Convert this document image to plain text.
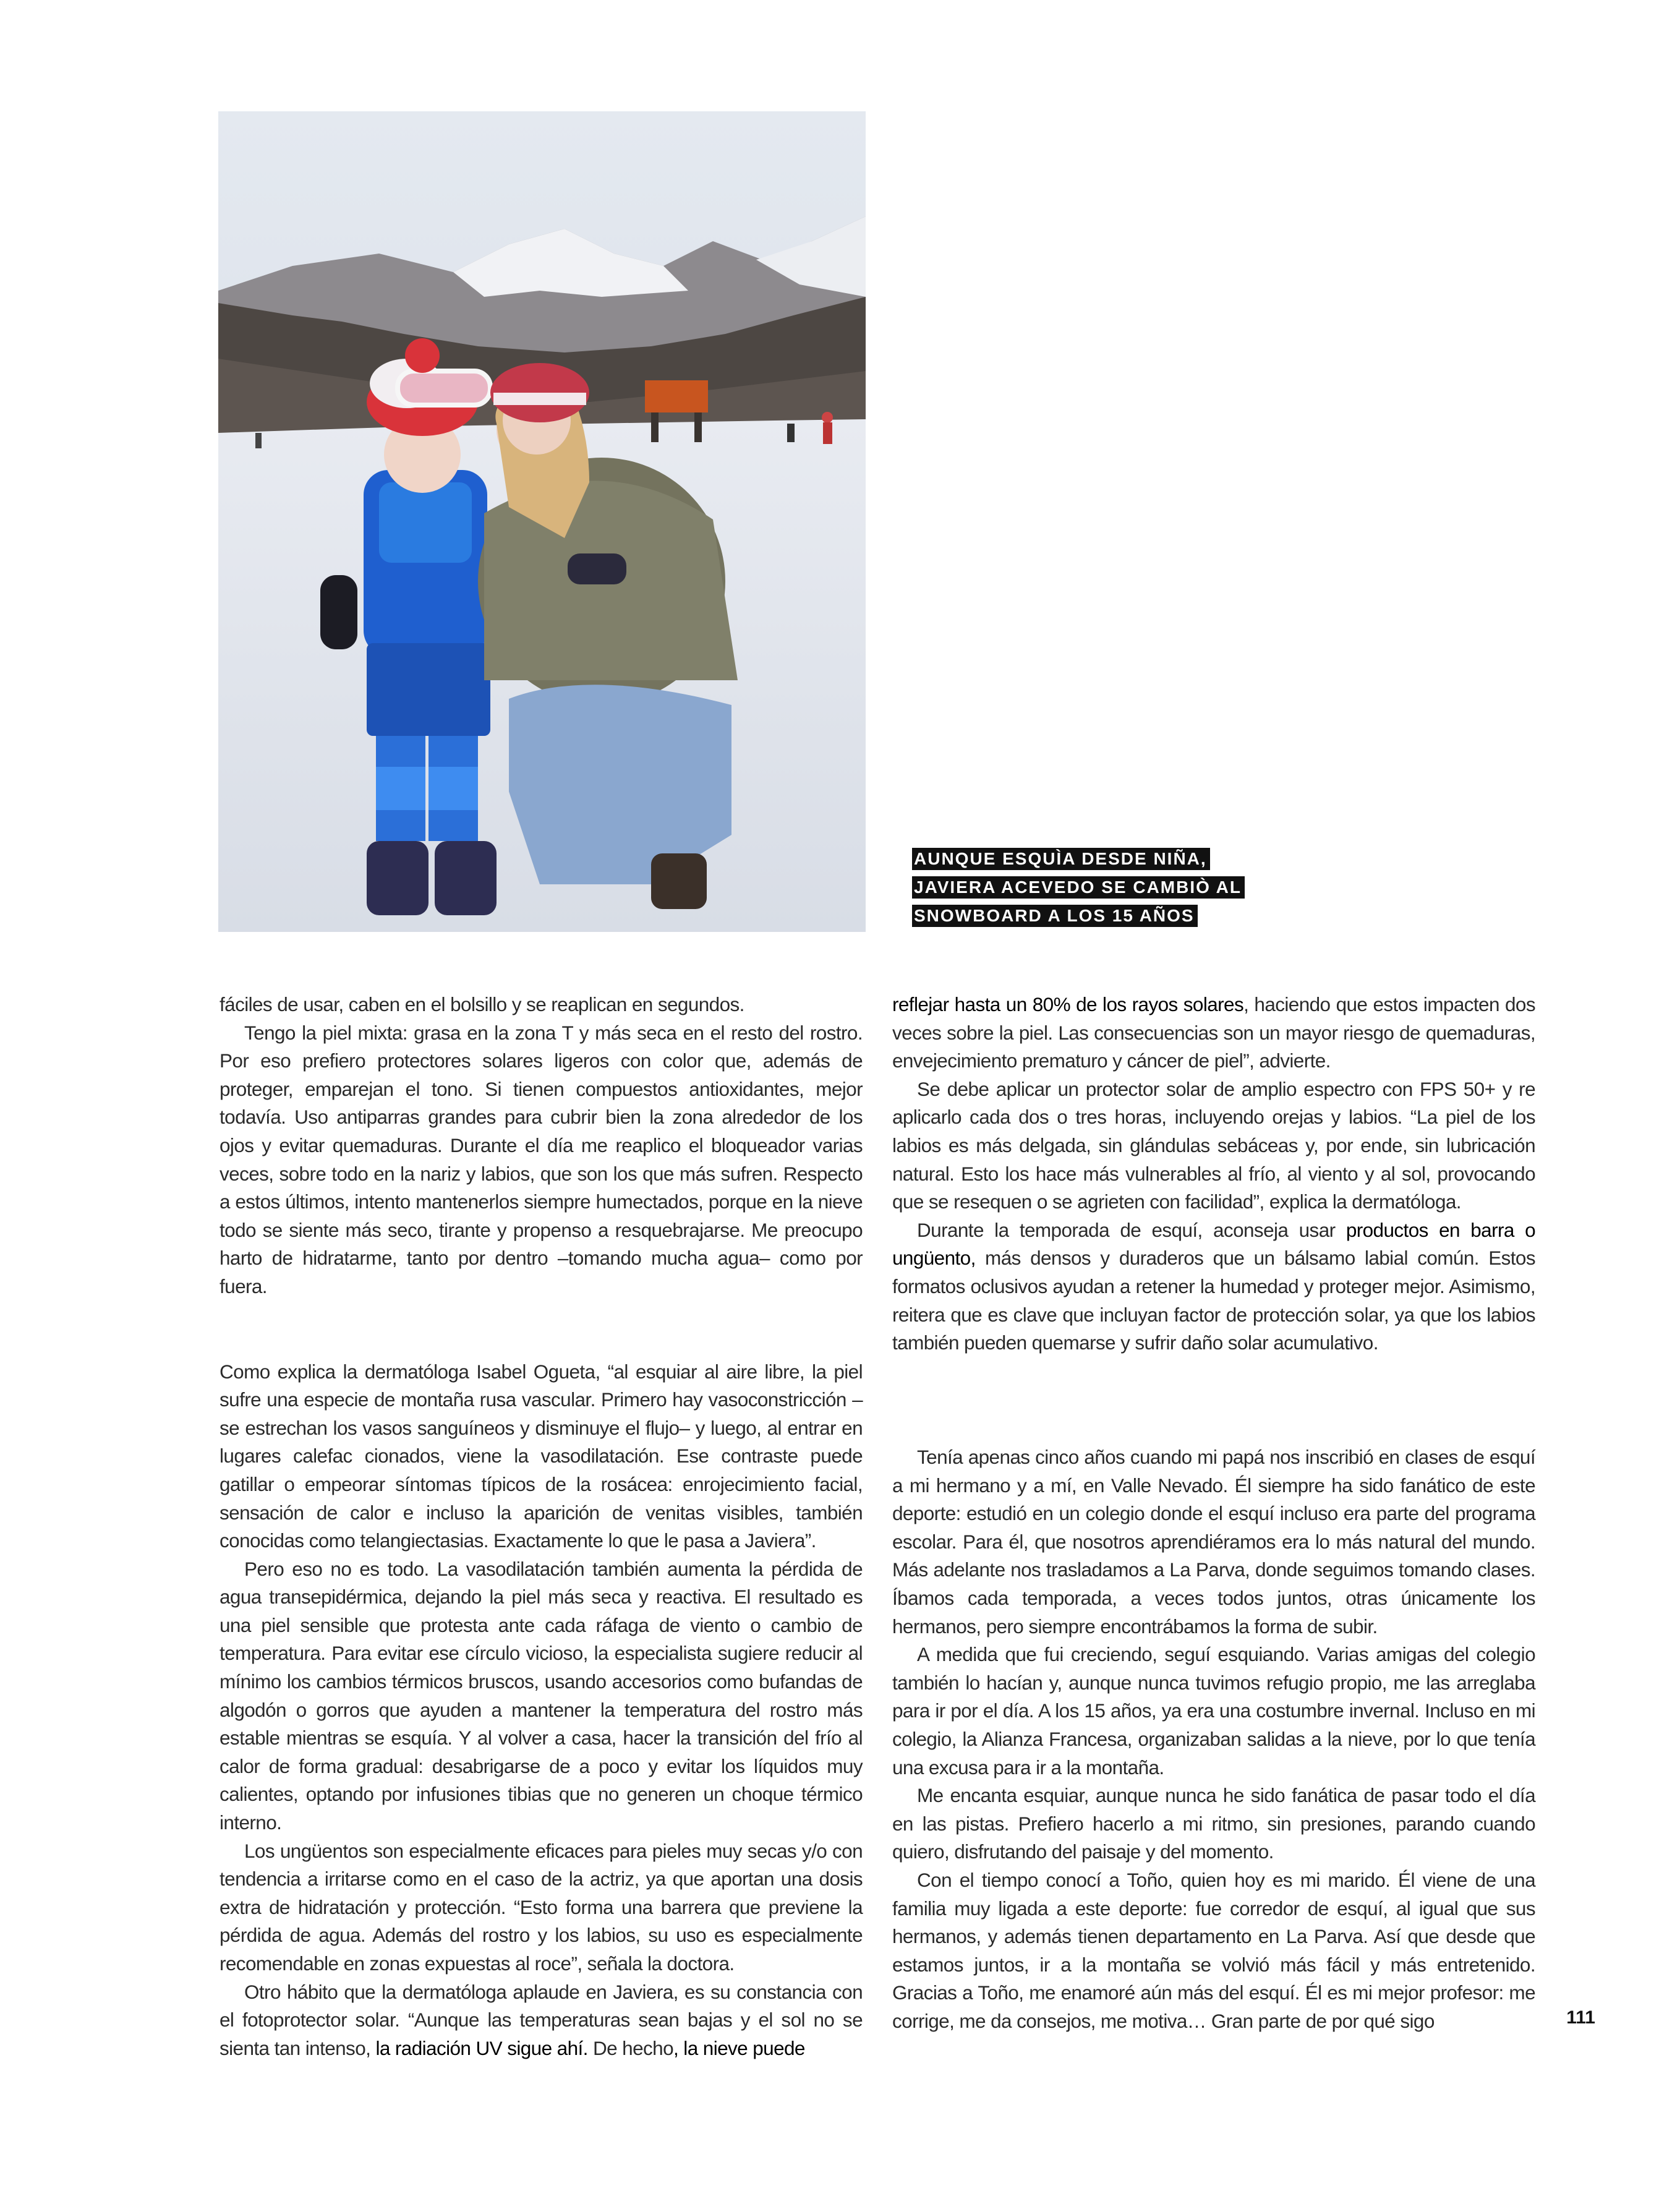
AUNQUE ESQUÌA DESDE NIÑA,
JAVIERA ACEVEDO SE CAMBIÒ AL
SNOWBOARD A LOS 15 AÑOS

fáciles de usar, caben en el bolsillo y se reaplican en segundos.

Tengo la piel mixta: grasa en la zona T y más seca en el resto del rostro. Por eso prefiero protectores solares ligeros con color que, además de proteger, emparejan el tono. Si tienen compuestos antioxidantes, mejor todavía. Uso antiparras grandes para cubrir bien la zona alrededor de los ojos y evitar quemaduras. Durante el día me reaplico el bloqueador varias veces, sobre todo en la nariz y labios, que son los que más sufren. Respecto a estos últimos, intento mantenerlos siempre humectados, porque en la nieve todo se siente más seco, tirante y propenso a resquebrajarse. Me preocupo harto de hidratarme, tanto por dentro –tomando mucha agua– como por fuera.

Como explica la dermatóloga Isabel Ogueta, “al esquiar al aire libre, la piel sufre una especie de montaña rusa vascular. Primero hay vasoconstricción –se estrechan los vasos sanguíneos y disminuye el flujo– y luego, al entrar en lugares calefac cionados, viene la vasodilatación. Ese contraste puede gatillar o empeorar síntomas típicos de la rosácea: enrojecimiento facial, sensación de calor e incluso la aparición de venitas visibles, también conocidas como telangiectasias. Exactamente lo que le pasa a Javiera”.

Pero eso no es todo. La vasodilatación también aumenta la pérdida de agua transepidérmica, dejando la piel más seca y reactiva. El resultado es una piel sensible que protesta ante cada ráfaga de viento o cambio de temperatura. Para evitar ese círculo vicioso, la especialista sugiere reducir al mínimo los cambios térmicos bruscos, usando accesorios como bufandas de algodón o gorros que ayuden a mantener la temperatura del rostro más estable mientras se esquía. Y al volver a casa, hacer la transición del frío al calor de forma gradual: desabrigarse de a poco y evitar los líquidos muy calientes, optando por infusiones tibias que no generen un choque térmico interno.

Los ungüentos son especialmente eficaces para pieles muy secas y/o con tendencia a irritarse como en el caso de la actriz, ya que aportan una dosis extra de hidratación y protección. “Esto forma una barrera que previene la pérdida de agua. Además del rostro y los labios, su uso es especialmente recomendable en zonas expuestas al roce”, señala la doctora.

Otro hábito que la dermatóloga aplaude en Javiera, es su constancia con el fotoprotector solar. “Aunque las temperaturas sean bajas y el sol no se sienta tan intenso, la radiación UV sigue ahí. De hecho, la nieve puede

reflejar hasta un 80% de los rayos solares, haciendo que estos impacten dos veces sobre la piel. Las consecuencias son un mayor riesgo de quemaduras, envejecimiento prematuro y cáncer de piel”, advierte.

Se debe aplicar un protector solar de amplio espectro con FPS 50+ y re aplicarlo cada dos o tres horas, incluyendo orejas y labios. “La piel de los labios es más delgada, sin glándulas sebáceas y, por ende, sin lubricación natural. Esto los hace más vulnerables al frío, al viento y al sol, provocando que se resequen o se agrieten con facilidad”, explica la dermatóloga.

Durante la temporada de esquí, aconseja usar productos en barra o ungüento, más densos y duraderos que un bálsamo labial común. Estos formatos oclusivos ayudan a retener la humedad y proteger mejor. Asimismo, reitera que es clave que incluyan factor de protección solar, ya que los labios también pueden quemarse y sufrir daño solar acumulativo.

Tenía apenas cinco años cuando mi papá nos inscribió en clases de esquí a mi hermano y a mí, en Valle Nevado. Él siempre ha sido fanático de este deporte: estudió en un colegio donde el esquí incluso era parte del programa escolar. Para él, que nosotros aprendiéramos era lo más natural del mundo. Más adelante nos trasladamos a La Parva, donde seguimos tomando clases. Íbamos cada temporada, a veces todos juntos, otras únicamente los hermanos, pero siempre encontrábamos la forma de subir.

A medida que fui creciendo, seguí esquiando. Varias amigas del colegio también lo hacían y, aunque nunca tuvimos refugio propio, me las arreglaba para ir por el día. A los 15 años, ya era una costumbre invernal. Incluso en mi colegio, la Alianza Francesa, organizaban salidas a la nieve, por lo que tenía una excusa para ir a la montaña.

Me encanta esquiar, aunque nunca he sido fanática de pasar todo el día en las pistas. Prefiero hacerlo a mi ritmo, sin presiones, parando cuando quiero, disfrutando del paisaje y del momento.

Con el tiempo conocí a Toño, quien hoy es mi marido. Él viene de una familia muy ligada a este deporte: fue corredor de esquí, al igual que sus hermanos, y además tienen departamento en La Parva. Así que desde que estamos juntos, ir a la montaña se volvió más fácil y más entretenido. Gracias a Toño, me enamoré aún más del esquí. Él es mi mejor profesor: me corrige, me da consejos, me motiva… Gran parte de por qué sigo	111
